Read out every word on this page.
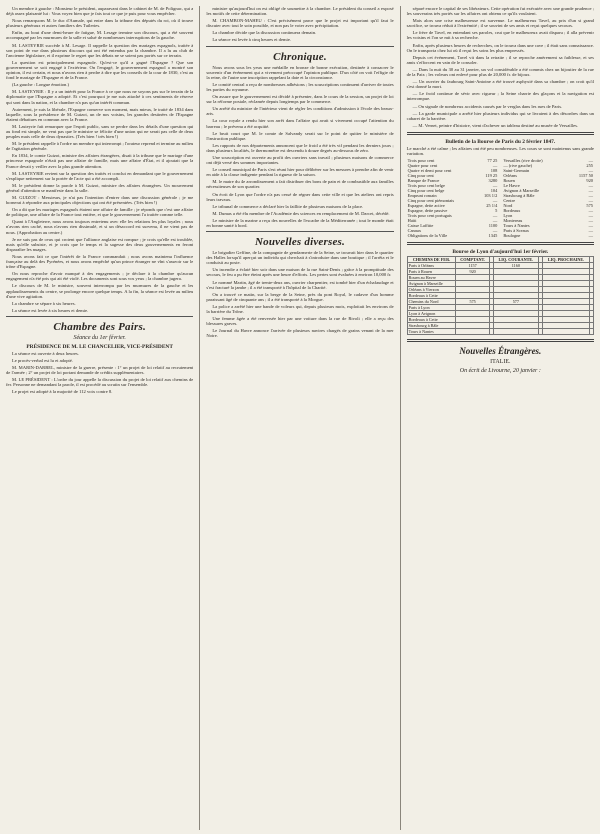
Un membre à gauche : Monsieur le président, auparavant dans le cabinet de M. de Polignac, qui a déjà assez plaisanté lui : Vous voyez bien que je fais tout ce que je puis pour vous empêcher.

Nous remarquons M. le duc d'Aumale, qui entre dans la tribune des députés du roi, où il trouve plusieurs généraux et autres familiers des Tuileries.

Enfin, au bout d'une demi-heure de fatigue, M. Lesage termine son discours, qui a été souvent accompagné par les murmures de la salle et salué de nombreuses interruptions de la gauche.

M. LASTEYRIE succède à M. Lesage. Il rappelle la question des mariages espagnols, traitée à son point de vue dans plusieurs discours qui ont été entendus par la chambre. Il a lu au club de l'ancienne législature, et il exprime le regret que les débats ne se soient pas portés sur ce terrain.

La question est principalement espagnole. Qu'est-ce qu'il a gagné l'Espagne ? Que son gouvernement se soit engagé à l'extérieur. On l'engagé, le gouvernement espagnol a montré son opinion, il est certain, et nous n'avons rien à perdre à dire que les conseils de la cour de 1830, c'est au fond le mariage de l'Espagne et de la France.

(La gauche : Longue émotion.)

M. LASTEYRIE : Il y a un intérêt pour la France à ce que nous ne soyons pas sur le terrain de la diplomatie que l'Espagne a adopté. Et c'est pourquoi je me suis attaché à ces sentiments de réserve qui sont dans la nation, et la chambre n'a pas qu'un intérêt commun.

Autrement, je suis la libérale, l'Espagne conserve son moment, mais mieux, le traité de 1834 dans laquelle, sous la présidence de M. Guizot, un de nos voisins, les grandes destinées de l'Espagne étaient débattues en commun avec la France.

M. Lasteyrie fait remarquer que l'esprit public, sans se perdre dans les détails d'une question qui au fond est simple, ne veut pas que le ministre se félicite d'une union qui ne serait pas celle de deux peuples mais celle de deux dynasties. (Très bien ! très bien !)

M. le président rappelle à l'ordre un membre qui interrompt ; l'orateur reprend et termine au milieu de l'agitation générale.

En 1834, le comte Guizot, ministre des affaires étrangères, disait à la tribune que le mariage d'une princesse espagnole n'était pas une affaire de famille, mais une affaire d'État, et il ajoutait que la France devait y veiller avec la plus grande attention.

M. LASTEYRIE revient sur la question des traités et conclut en demandant que le gouvernement s'explique nettement sur la portée de l'acte qui a été accompli.

M. le président donne la parole à M. Guizot, ministre des affaires étrangères. Un mouvement général d'attention se manifeste dans la salle.

M. GUIZOT : Messieurs, je n'ai pas l'intention d'entrer dans une discussion générale ; je me bornerai à répondre aux principales objections qui ont été présentées. (Très bien !)

On a dit que les mariages espagnols étaient une affaire de famille ; je réponds que c'est une affaire de politique, une affaire de la France tout entière, et que le gouvernement l'a traitée comme telle.

Quant à l'Angleterre, nous avons toujours entretenu avec elle les relations les plus loyales ; nous n'avons rien caché, nous n'avons rien dissimulé, et si un désaccord est survenu, il ne vient pas de nous. (Approbation au centre.)

Je ne suis pas de ceux qui croient que l'alliance anglaise est rompue ; je crois qu'elle est troublée, mais qu'elle subsiste, et je crois que le temps et la sagesse des deux gouvernements en feront disparaître les nuages.

Nous avons fait ce que l'intérêt de la France commandait ; nous avons maintenu l'influence française au delà des Pyrénées, et nous avons empêché qu'un prince étranger ne vînt s'asseoir sur le trône d'Espagne.

On nous reproche d'avoir manqué à des engagements ; je déclare à la chambre qu'aucun engagement n'a été pris qui ait été violé. Les documents sont sous vos yeux ; la chambre jugera.

Le discours de M. le ministre, souvent interrompu par les murmures de la gauche et les applaudissements du centre, se prolonge encore quelque temps. A la fin, la séance est levée au milieu d'une vive agitation.

La chambre se sépare à six heures.

La séance est levée à six heures et demie.

Chambre des Pairs.
Séance du 1er février.
PRÉSIDENCE DE M. LE CHANCELIER, VICE-PRÉSIDENT

La séance est ouverte à deux heures.

Le procès-verbal est lu et adopté.

M. MARIN-DARBEL, ministre de la guerre, présente : 1° un projet de loi relatif au recrutement de l'armée ; 2° un projet de loi portant demande de crédits supplémentaires.

M. LE PRÉSIDENT : L'ordre du jour appelle la discussion du projet de loi relatif aux chemins de fer. Personne ne demandant la parole, il est procédé au scrutin sur l'ensemble.

Le projet est adopté à la majorité de 112 voix contre 8.

ministre qu'aujourd'hui on est obligé de soumettre à la chambre. Le président du conseil a exposé les motifs de cette détermination.

M. CHAMBON-MAHEU : C'est précisément parce que le projet est important qu'il faut le discuter avec tout le soin possible, et non pas le voter avec précipitation.

La chambre décide que la discussion continuera demain.

La séance est levée à cinq heures et demie.

Chronique.

Nous avons sous les yeux une médaille en bronze de bonne exécution, destinée à consacrer le souvenir d'un événement qui a vivement préoccupé l'opinion publique. D'un côté on voit l'effigie de la reine, de l'autre une inscription rappelant la date et la circonstance.

Le comité central a reçu de nombreuses adhésions ; les souscriptions continuent d'arriver de toutes les parties du royaume.

On assure que le gouvernement est décidé à présenter, dans le cours de la session, un projet de loi sur la réforme postale, réclamée depuis longtemps par le commerce.

Un arrêté du ministre de l'intérieur vient de régler les conditions d'admission à l'école des beaux-arts.

La cour royale a rendu hier son arrêt dans l'affaire qui avait si vivement occupé l'attention du barreau ; le prévenu a été acquitté.

Le bruit court que M. le comte de Salvandy serait sur le point de quitter le ministère de l'instruction publique.

Les rapports de nos départements annoncent que le froid a été très vif pendant les derniers jours ; dans plusieurs localités, le thermomètre est descendu à douze degrés au-dessous de zéro.

Une souscription est ouverte au profit des ouvriers sans travail ; plusieurs maisons de commerce ont déjà versé des sommes importantes.

Le conseil municipal de Paris s'est réuni hier pour délibérer sur les mesures à prendre afin de venir en aide à la classe indigente pendant la rigueur de la saison.

M. le maire du 4e arrondissement a fait distribuer des bons de pain et de combustible aux familles nécessiteuses de son quartier.

On écrit de Lyon que l'ordre n'a pas cessé de régner dans cette ville et que les ateliers ont repris leurs travaux.

Le tribunal de commerce a déclaré hier la faillite de plusieurs maisons de la place.

M. Dumas a été élu membre de l'Académie des sciences en remplacement de M. Darcet, décédé.

Le ministre de la marine a reçu des nouvelles de l'escadre de la Méditerranée ; tout le monde était en bonne santé à bord.

Nouvelles diverses.

Le brigadier Geffine, de la compagnie de gendarmerie de la Seine, se trouvait hier dans le quartier des Halles lorsqu'il aperçut un individu qui cherchait à s'introduire dans une boutique ; il l'arrêta et le conduisit au poste.

Un incendie a éclaté hier soir dans une maison de la rue Saint-Denis ; grâce à la promptitude des secours, le feu a pu être éteint après une heure d'efforts. Les pertes sont évaluées à environ 10,000 fr.

Le nommé Martin, âgé de trente-deux ans, ouvrier charpentier, est tombé hier d'un échafaudage et s'est fracturé la jambe ; il a été transporté à l'hôpital de la Charité.

On a trouvé ce matin, sur la berge de la Seine, près du pont Royal, le cadavre d'un homme paraissant âgé de cinquante ans ; il a été transporté à la Morgue.

La police a arrêté hier une bande de voleurs qui, depuis plusieurs mois, exploitait les environs de la barrière du Trône.

Une femme âgée a été renversée hier par une voiture dans la rue de Rivoli ; elle a reçu des blessures graves.

Le Journal du Havre annonce l'arrivée de plusieurs navires chargés de grains venant de la mer Noire.

séparé encore le capital de ses libérateurs. Cette opération fut exécutée avec une grande prudence ; les souverains très portés sur les affaires ont obtenu ce qu'ils voulaient.

Mais alors une crise malheureuse est survenue. Le malheureux Tavel, au prix d'un si grand sacrifice, se trouva réduit à l'extrémité ; il se souvint de ses amis et reçut quelques secours.

Le frère de Tavel, en entendant ses paroles, crut que le malheureux avait disparu ; il alla prévenir les voisins et l'on se mit à sa recherche.

Enfin, après plusieurs heures de recherches, on le trouva dans une cave ; il était sans connaissance. On le transporta chez lui où il reçut les soins les plus empressés.

Depuis cet événement, Tavel vit dans la retraite ; il se reproche amèrement sa faiblesse, et ses amis s'efforcent en vain de le consoler.

— Dans la nuit du 30 au 31 janvier, un vol considérable a été commis chez un bijoutier de la rue de la Paix ; les voleurs ont enlevé pour plus de 20,000 fr. de bijoux.

— Un ouvrier du faubourg Saint-Antoine a été trouvé asphyxié dans sa chambre ; on croit qu'il s'est donné la mort.

— Le froid continue de sévir avec rigueur ; la Seine charrie des glaçons et la navigation est interrompue.

— On signale de nombreux accidents causés par le verglas dans les rues de Paris.

— La garde municipale a arrêté hier plusieurs individus qui se livraient à des désordres dans un cabaret de la barrière.

— M. Vernet, peintre d'histoire, vient d'achever un tableau destiné au musée de Versailles.

Bulletin de la Bourse de Paris du 2 février 1847.

Le marché a été calme ; les affaires ont été peu nombreuses. Les cours se sont maintenus sans grande variation.

Trois pour cent	77 25
Quatre pour cent	—
Quatre et demi pour cent	108
Cinq pour cent	119 25
Banque de France	3280
Trois pour cent belge	—
Cinq pour cent belge	104
Emprunt romain	103 1/2
Cinq pour cent piémontais	—
Espagne, dette active	25 1/4
Espagne, dette passive	5
Trois pour cent portugais	—
Haïti	—
Caisse Laffitte	1100
Canaux	—
Obligations de la Ville	1345
Versailles (rive droite)	—
— (rive gauche)	255
Saint-Germain	—
Orléans	1157 50
Rouen	920
Le Havre	—
Avignon à Marseille	—
Strasbourg à Bâle	—
Centre	—
Nord	575
Bordeaux	—
Lyon	—
Montereau	—
Tours à Nantes	—
Paris à Sceaux	—
Boulogne	—
Bourse de Lyon d'aujourd'hui 1er février.
CHEMINS DE FER.	COMPTANT.		LIQ. COURANTE.		LIQ. PROCHAINE.	
Paris à Orléans	1157		1160			
Paris à Rouen	920					
Rouen au Havre						
Avignon à Marseille						
Orléans à Vierzon						
Bordeaux à Cette						
Chemins du Nord	575		577			
Paris à Lyon						
Lyon à Avignon						
Bordeaux à Cette						
Strasbourg à Bâle						
Tours à Nantes						
Nouvelles Étrangères.
ITALIE.
On écrit de Livourne, 20 janvier :
